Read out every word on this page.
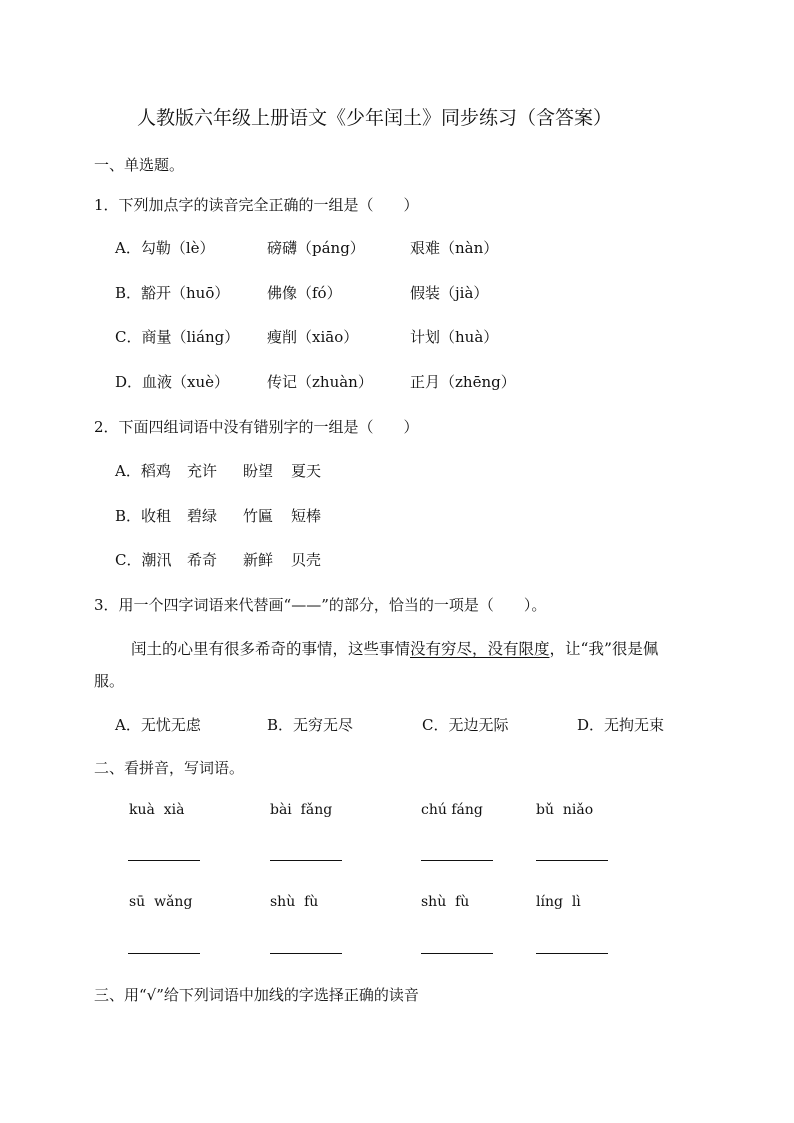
人教版六年级上册语文《少年闰土》同步练习（含答案）
一、单选题。
1．下列加点字的读音完全正确的一组是（　　）
A．勾勒（lè）	磅礴（páng）	艰难（nàn）
B．豁开（huō）	佛像（fó）	假装（jià）
C．商量（liáng） 瘦削（xiāo）	计划（huà）
D．血液（xuè）	传记（zhuàn） 正月（zhēng）
2．下面四组词语中没有错别字的一组是（　　）
A．稻鸡 充许 盼望 夏天
B．收租 碧绿 竹匾 短棒
C．潮汛 希奇 新鲜 贝壳
3．用一个四字词语来代替画“——”的部分，恰当的一项是（　　）。
闰土的心里有很多希奇的事情，这些事情没有穷尽，没有限度，让“我”很是佩
服。
A．无忧无虑	B．无穷无尽	C．无边无际	D．无拘无束
二、看拼音，写词语。
kuà  xià	bài  fǎng	chú fáng	bǔ  niǎo
sū  wǎng	shù  fù	shù  fù	líng  lì
三、用“√”给下列词语中加线的字选择正确的读音
